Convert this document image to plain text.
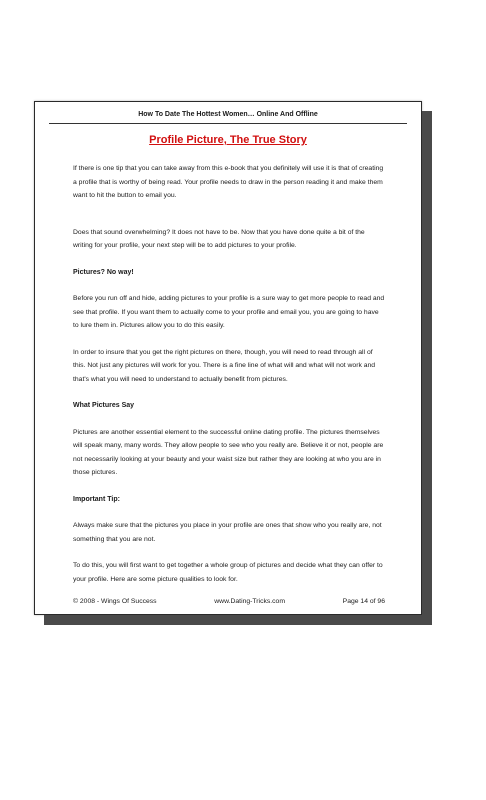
How To Date The Hottest Women… Online And Offline
Profile Picture, The True Story

If there is one tip that you can take away from this e-book that you definitely will use it is that of creating a profile that is worthy of being read. Your profile needs to draw in the person reading it and make them want to hit the button to email you.

Does that sound overwhelming? It does not have to be. Now that you have done quite a bit of the writing for your profile, your next step will be to add pictures to your profile.

Pictures? No way!

Before you run off and hide, adding pictures to your profile is a sure way to get more people to read and see that profile. If you want them to actually come to your profile and email you, you are going to have to lure them in. Pictures allow you to do this easily.

In order to insure that you get the right pictures on there, though, you will need to read through all of this. Not just any pictures will work for you. There is a fine line of what will and what will not work and that's what you will need to understand to actually benefit from pictures.

What Pictures Say

Pictures are another essential element to the successful online dating profile. The pictures themselves will speak many, many words. They allow people to see who you really are. Believe it or not, people are not necessarily looking at your beauty and your waist size but rather they are looking at who you are in those pictures.

Important Tip:

Always make sure that the pictures you place in your profile are ones that show who you really are, not something that you are not.

To do this, you will first want to get together a whole group of pictures and decide what they can offer to your profile. Here are some picture qualities to look for.

© 2008 - Wings Of Success	www.Dating-Tricks.com	Page 14 of 96
